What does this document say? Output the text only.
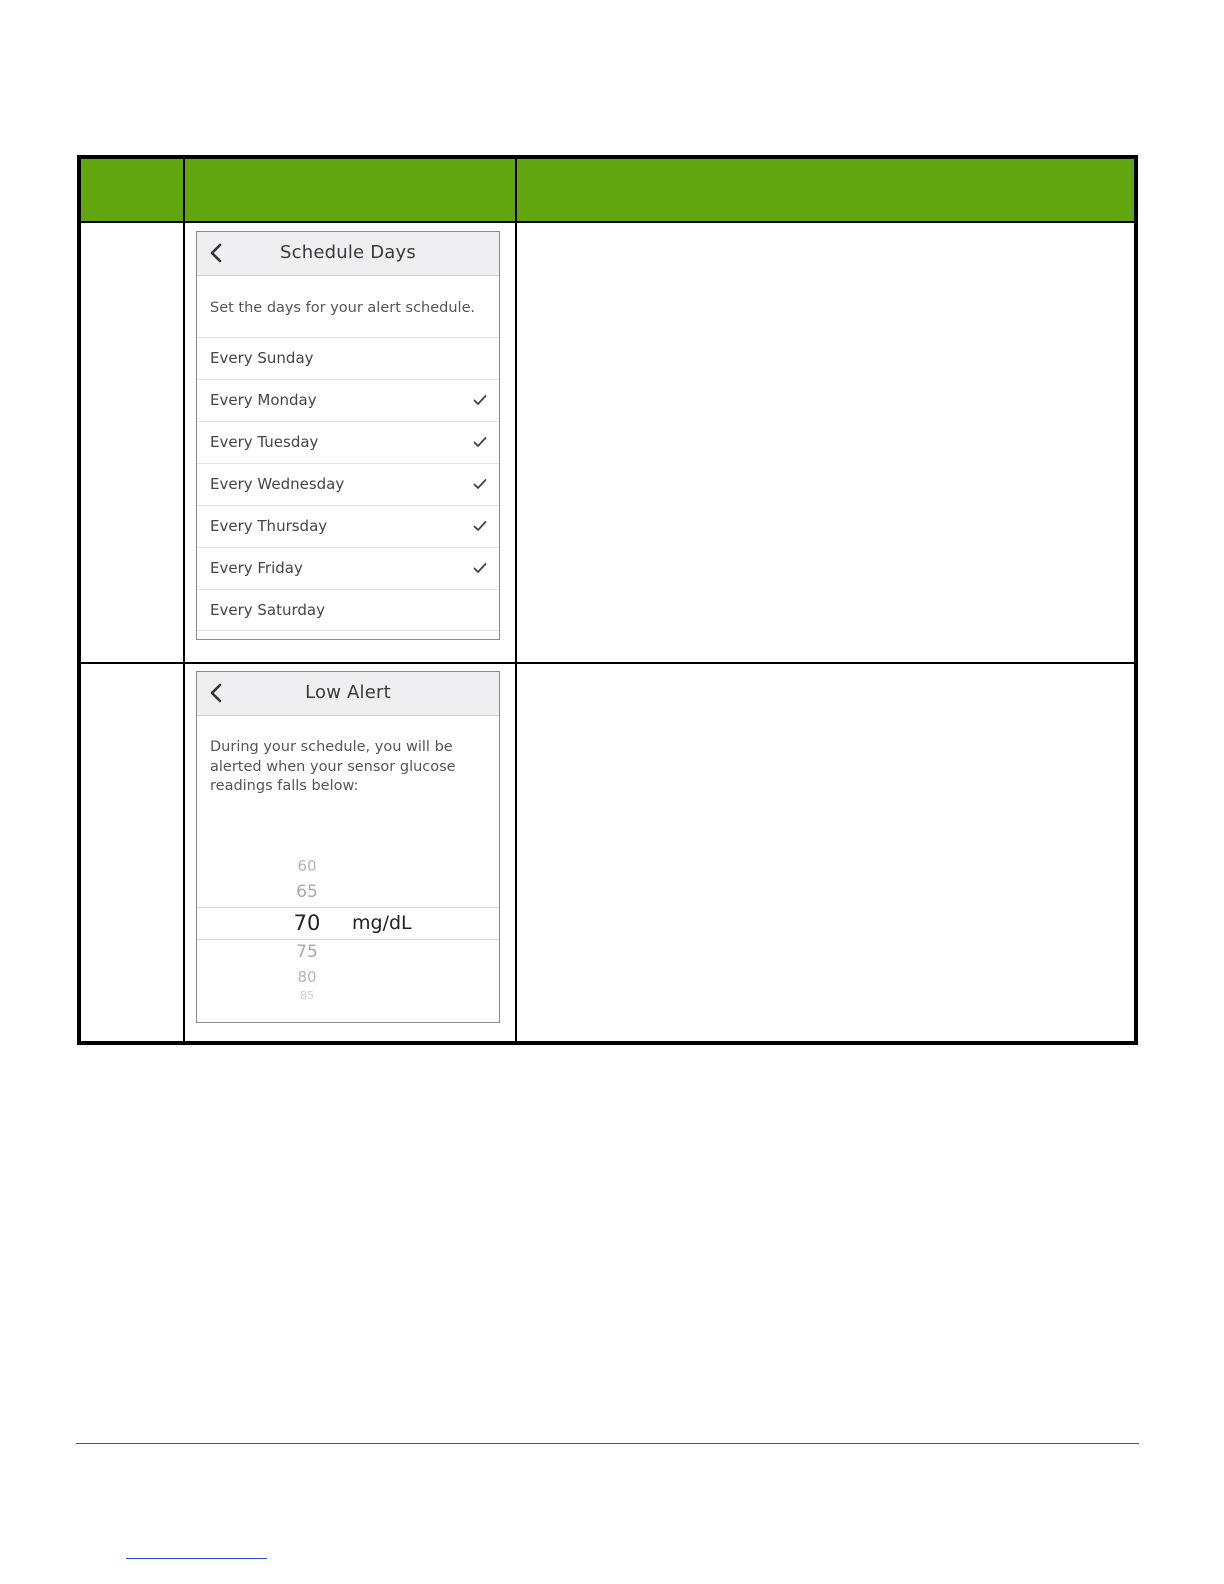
Schedule Days
Set the days for your alert schedule.
Every Sunday
Every Monday
Every Tuesday
Every Wednesday
Every Thursday
Every Friday
Every Saturday
Low Alert
During your schedule, you will be alerted when your sensor glucose readings falls below:
60
65
70	mg/dL
75
80
85
